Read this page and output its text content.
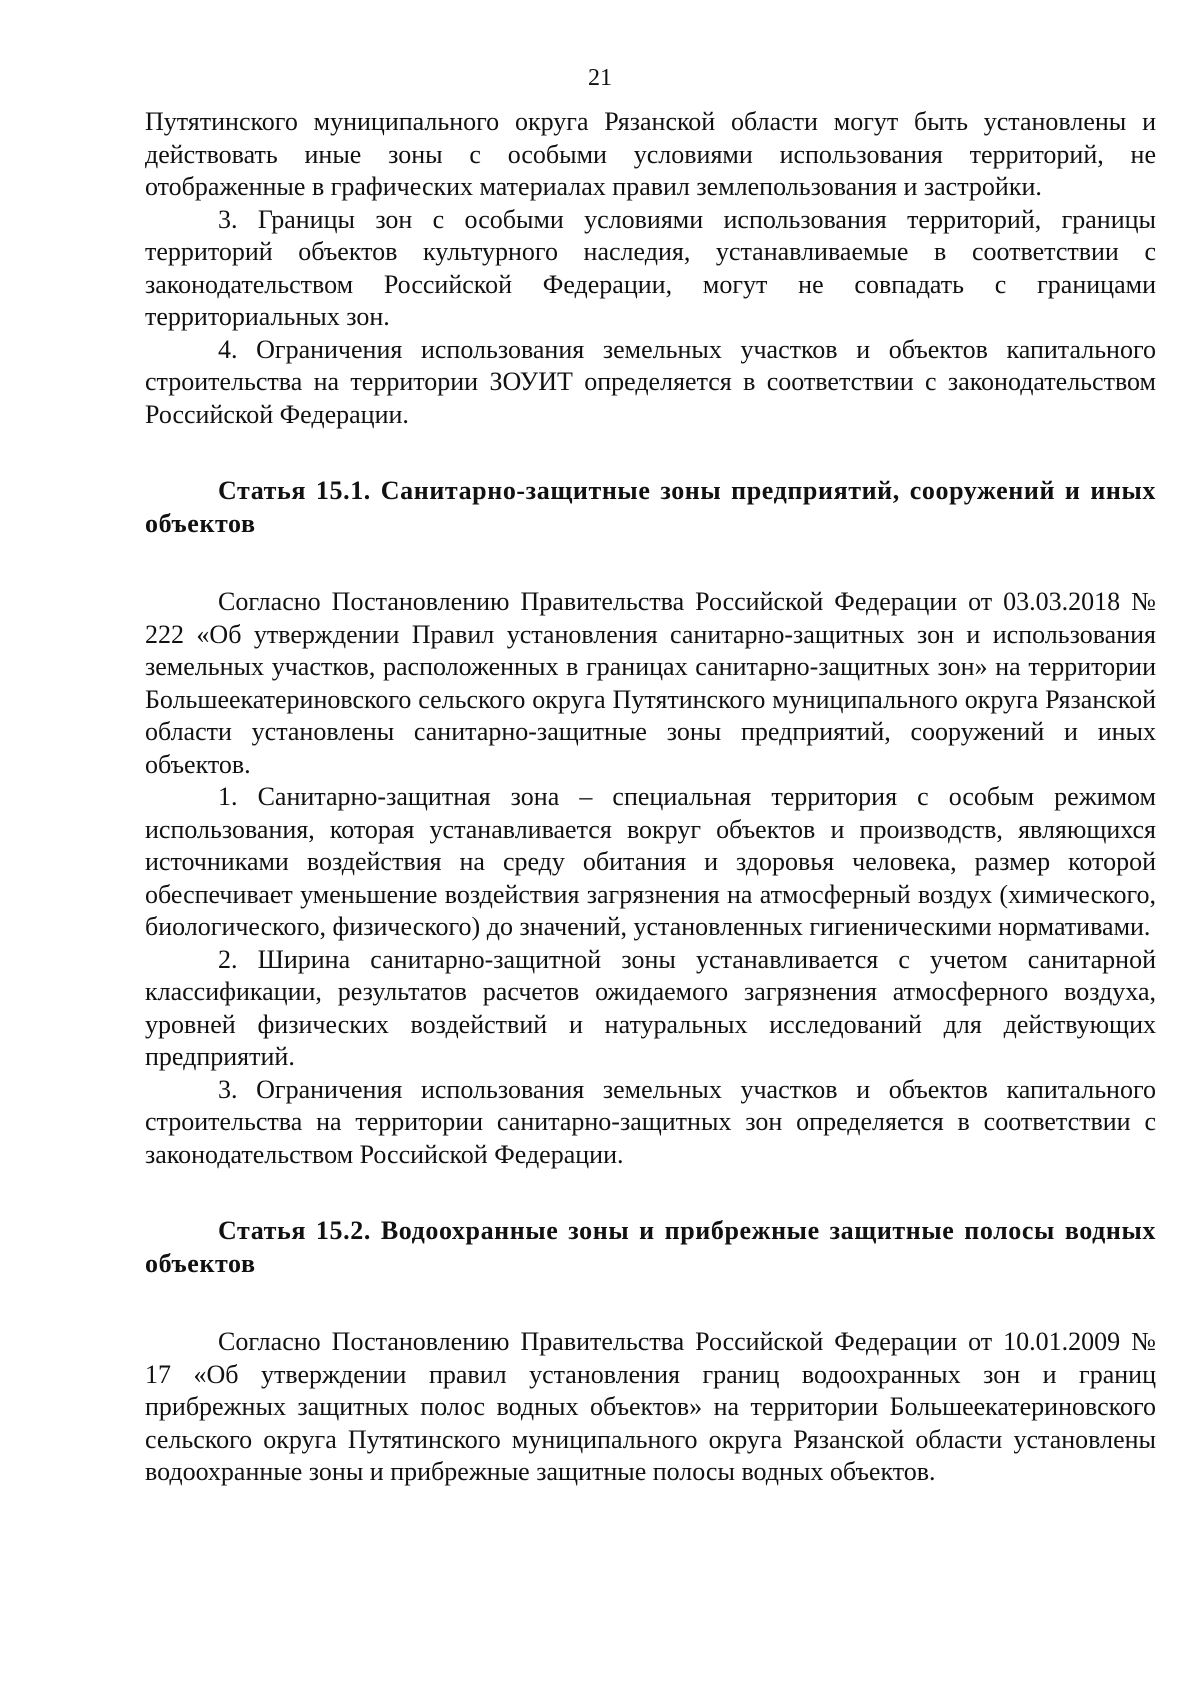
21

Путятинского муниципального округа Рязанской области могут быть установлены и действовать иные зоны с особыми условиями использования территорий, не отображенные в графических материалах правил землепользования и застройки.

3. Границы зон с особыми условиями использования территорий, границы территорий объектов культурного наследия, устанавливаемые в соответствии с законодательством Российской Федерации, могут не совпадать с границами территориальных зон.

4. Ограничения использования земельных участков и объектов капитального строительства на территории ЗОУИТ определяется в соответствии с законодательством Российской Федерации.

Статья 15.1. Санитарно-защитные зоны предприятий, сооружений и иных объектов

Согласно Постановлению Правительства Российской Федерации от 03.03.2018 № 222 «Об утверждении Правил установления санитарно-защитных зон и использования земельных участков, расположенных в границах санитарно-защитных зон» на территории Большеекатериновского сельского округа Путятинского муниципального округа Рязанской области установлены санитарно-защитные зоны предприятий, сооружений и иных объектов.

1. Санитарно-защитная зона – специальная территория с особым режимом использования, которая устанавливается вокруг объектов и производств, являющихся источниками воздействия на среду обитания и здоровья человека, размер которой обеспечивает уменьшение воздействия загрязнения на атмосферный воздух (химического, биологического, физического) до значений, установленных гигиеническими нормативами.

2. Ширина санитарно-защитной зоны устанавливается с учетом санитарной классификации, результатов расчетов ожидаемого загрязнения атмосферного воздуха, уровней физических воздействий и натуральных исследований для действующих предприятий.

3. Ограничения использования земельных участков и объектов капитального строительства на территории санитарно-защитных зон определяется в соответствии с законодательством Российской Федерации.

Статья 15.2. Водоохранные зоны и прибрежные защитные полосы водных объектов

Согласно Постановлению Правительства Российской Федерации от 10.01.2009 № 17 «Об утверждении правил установления границ водоохранных зон и границ прибрежных защитных полос водных объектов» на территории Большеекатериновского сельского округа Путятинского муниципального округа Рязанской области установлены водоохранные зоны и прибрежные защитные полосы водных объектов.
